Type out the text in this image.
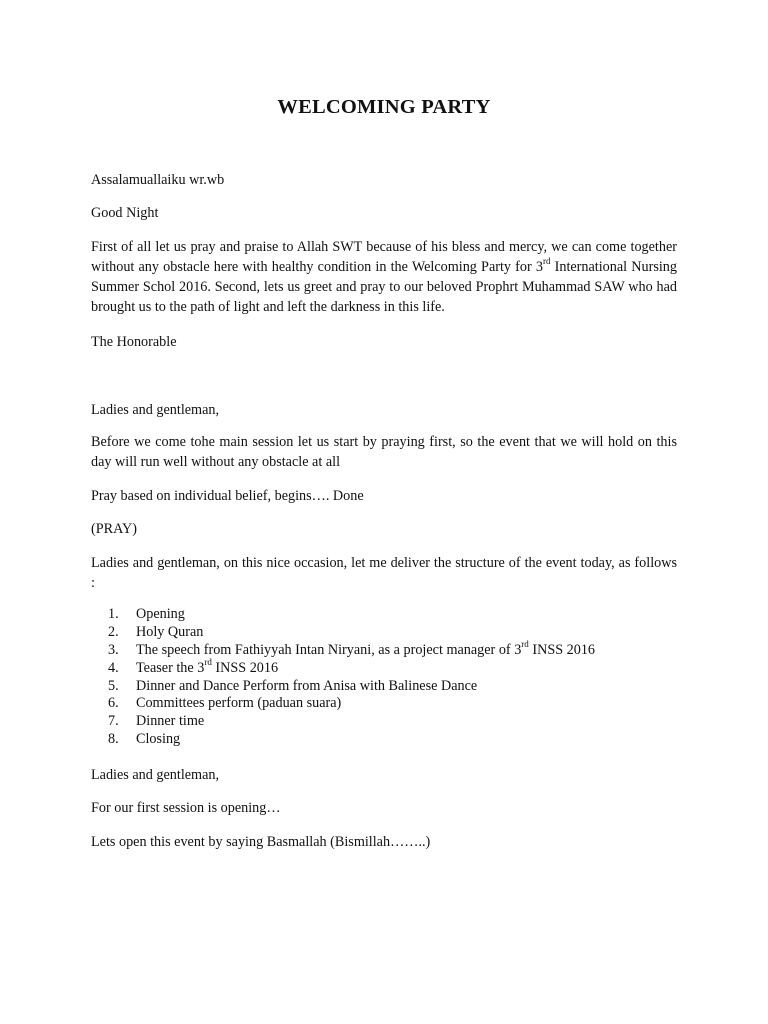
WELCOMING PARTY

Assalamuallaiku wr.wb

Good Night

First of all let us pray and praise to Allah SWT because of his bless and mercy, we can come together without any obstacle here with healthy condition in the Welcoming Party for 3rd International Nursing Summer Schol 2016. Second, lets us greet and pray to our beloved Prophrt Muhammad SAW who had brought us to the path of light and left the darkness in this life.

The Honorable

Ladies and gentleman,

Before we come tohe main session let us start by praying first, so the event that we will hold on this day will run well without any obstacle at all

Pray based on individual belief, begins…. Done

(PRAY)

Ladies and gentleman, on this nice occasion, let me deliver the structure of the event today, as follows :

1. Opening
2. Holy Quran
3. The speech from Fathiyyah Intan Niryani, as a project manager of 3rd INSS 2016
4. Teaser the 3rd INSS 2016
5. Dinner and Dance Perform from Anisa with Balinese Dance
6. Committees perform (paduan suara)
7. Dinner time
8. Closing

Ladies and gentleman,

For our first session is opening…

Lets open this event by saying Basmallah (Bismillah……..)
